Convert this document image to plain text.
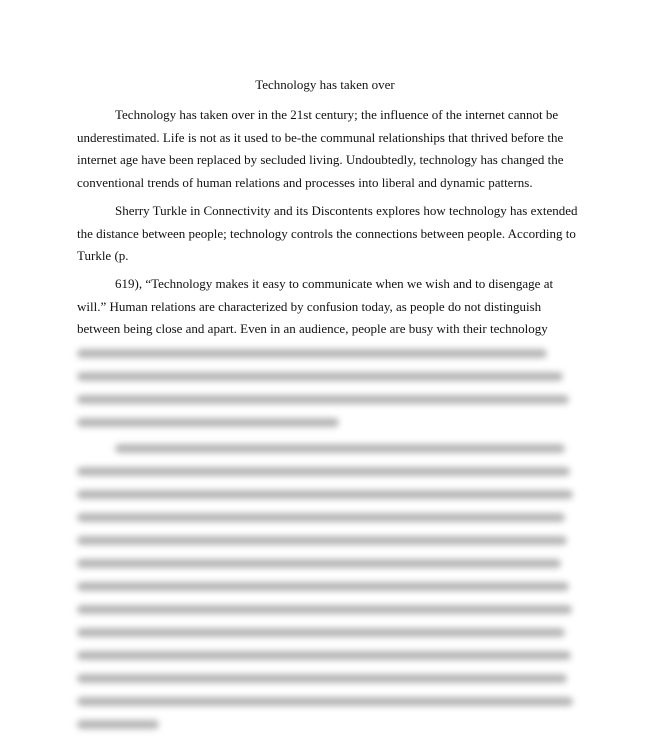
Technology has taken over

Technology has taken over in the 21st century; the influence of the internet cannot be
underestimated. Life is not as it used to be-the communal relationships that thrived before the
internet age have been replaced by secluded living. Undoubtedly, technology has changed the
conventional trends of human relations and processes into liberal and dynamic patterns.

Sherry Turkle in Connectivity and its Discontents explores how technology has extended
the distance between people; technology controls the connections between people. According to
Turkle (p.

619), “Technology makes it easy to communicate when we wish and to disengage at
will.” Human relations are characterized by confusion today, as people do not distinguish
between being close and apart. Even in an audience, people are busy with their technology
